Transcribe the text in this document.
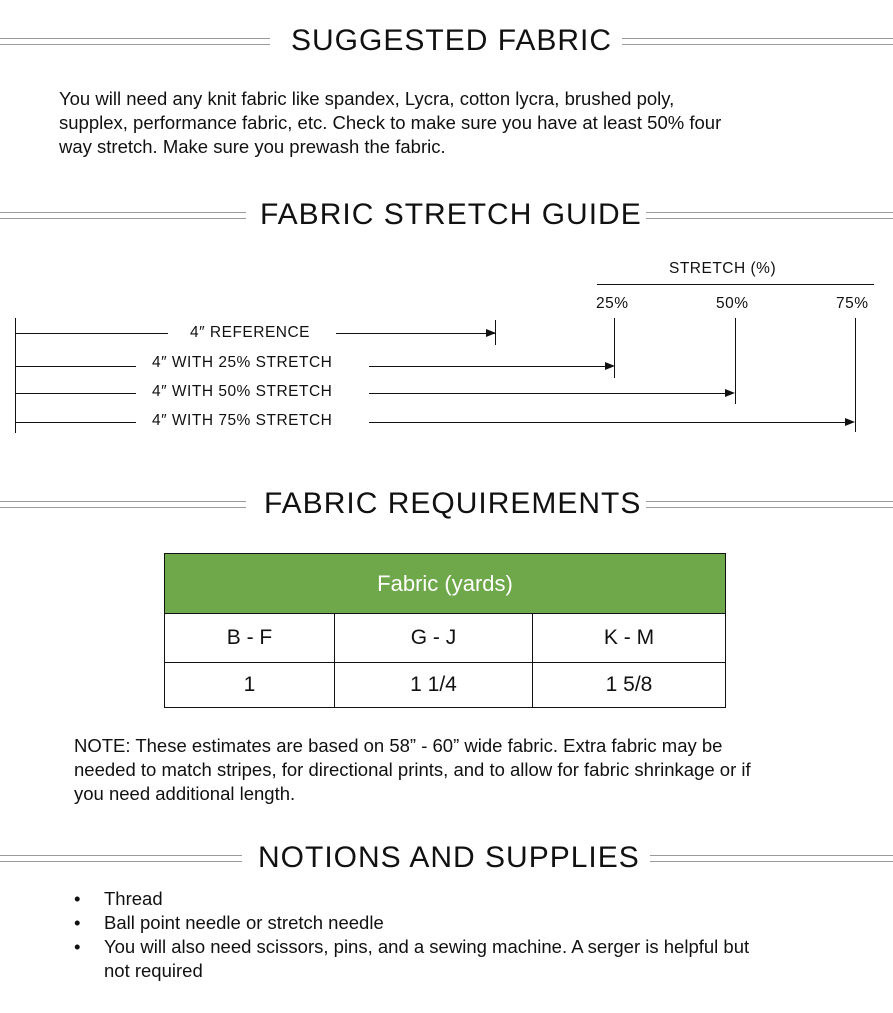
SUGGESTED FABRIC
You will need any knit fabric like spandex, Lycra, cotton lycra, brushed poly,
supplex, performance fabric, etc. Check to make sure you have at least 50% four
way stretch. Make sure you prewash the fabric.
FABRIC STRETCH GUIDE
STRETCH (%)
25%	50%	75%
4″ REFERENCE
4″ WITH 25% STRETCH
4″ WITH 50% STRETCH
4″ WITH 75% STRETCH
FABRIC REQUIREMENTS
Fabric (yards)		
B - F	G - J	K - M
1	1 1/4	1 5/8
NOTE: These estimates are based on 58” - 60” wide fabric. Extra fabric may be
needed to match stripes, for directional prints, and to allow for fabric shrinkage or if
you need additional length.
NOTIONS AND SUPPLIES
• Thread
• Ball point needle or stretch needle
• You will also need scissors, pins, and a sewing machine. A serger is helpful but
not required
